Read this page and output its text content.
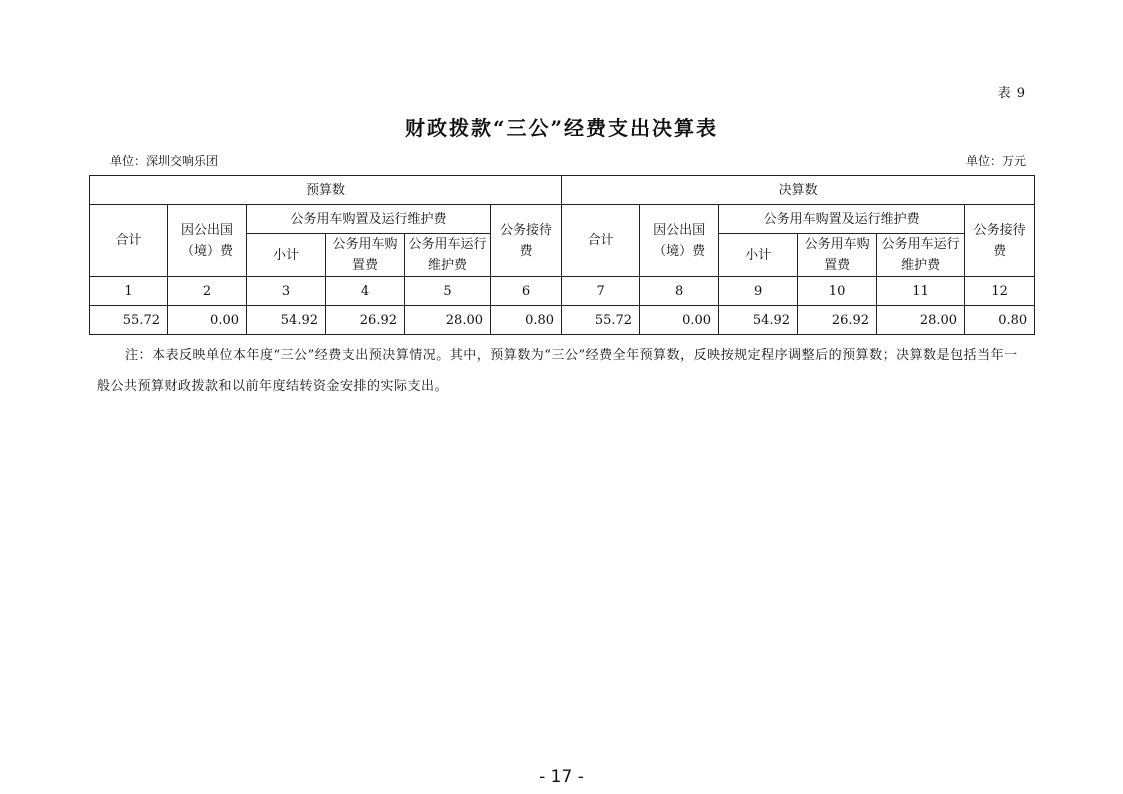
表 9
财政拨款“三公”经费支出决算表
单位：深圳交响乐团	单位：万元
预算数						决算数					
合计	因公出国（境）费	公务用车购置及运行维护费			公务接待费	合计	因公出国（境）费	公务用车购置及运行维护费			公务接待费
		小计	公务用车购置费	公务用车运行维护费				小计	公务用车购置费	公务用车运行维护费	
1	2	3	4	5	6	7	8	9	10	11	12
55.72	0.00	54.92	26.92	28.00	0.80	55.72	0.00	54.92	26.92	28.00	0.80
注：本表反映单位本年度“三公”经费支出预决算情况。其中，预算数为“三公”经费全年预算数，反映按规定程序调整后的预算数；决算数是包括当年一般公共预算财政拨款和以前年度结转资金安排的实际支出。
- 17 -
